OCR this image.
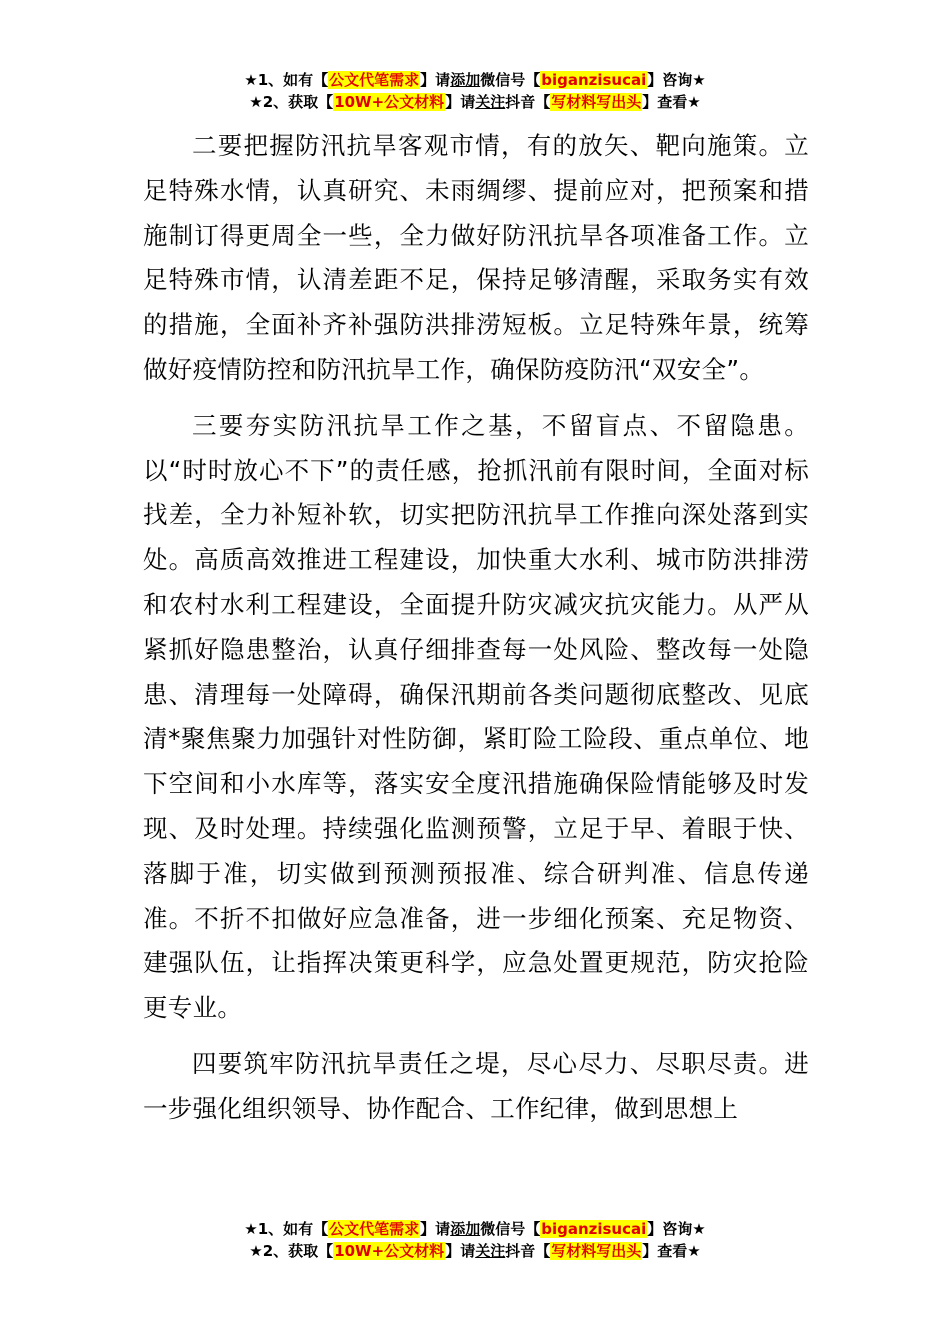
★1、如有【公文代笔需求】请添加微信号【biganzisucai】咨询★
★2、获取【10W+公文材料】请关注抖音【写材料写出头】查看★

二要把握防汛抗旱客观市情，有的放矢、靶向施策。立足特殊水情，认真研究、未雨绸缪、提前应对，把预案和措施制订得更周全一些，全力做好防汛抗旱各项准备工作。立足特殊市情，认清差距不足，保持足够清醒，采取务实有效的措施，全面补齐补强防洪排涝短板。立足特殊年景，统筹做好疫情防控和防汛抗旱工作，确保防疫防汛“双安全”。

三要夯实防汛抗旱工作之基，不留盲点、不留隐患。以“时时放心不下”的责任感，抢抓汛前有限时间，全面对标找差，全力补短补软，切实把防汛抗旱工作推向深处落到实处。高质高效推进工程建设，加快重大水利、城市防洪排涝和农村水利工程建设，全面提升防灾减灾抗灾能力。从严从紧抓好隐患整治，认真仔细排查每一处风险、整改每一处隐患、清理每一处障碍，确保汛期前各类问题彻底整改、见底清*聚焦聚力加强针对性防御，紧盯险工险段、重点单位、地下空间和小水库等，落实安全度汛措施确保险情能够及时发现、及时处理。持续强化监测预警，立足于早、着眼于快、落脚于准，切实做到预测预报准、综合研判准、信息传递准。不折不扣做好应急准备，进一步细化预案、充足物资、建强队伍，让指挥决策更科学，应急处置更规范，防灾抢险更专业。

四要筑牢防汛抗旱责任之堤，尽心尽力、尽职尽责。进一步强化组织领导、协作配合、工作纪律，做到思想上

★1、如有【公文代笔需求】请添加微信号【biganzisucai】咨询★
★2、获取【10W+公文材料】请关注抖音【写材料写出头】查看★
